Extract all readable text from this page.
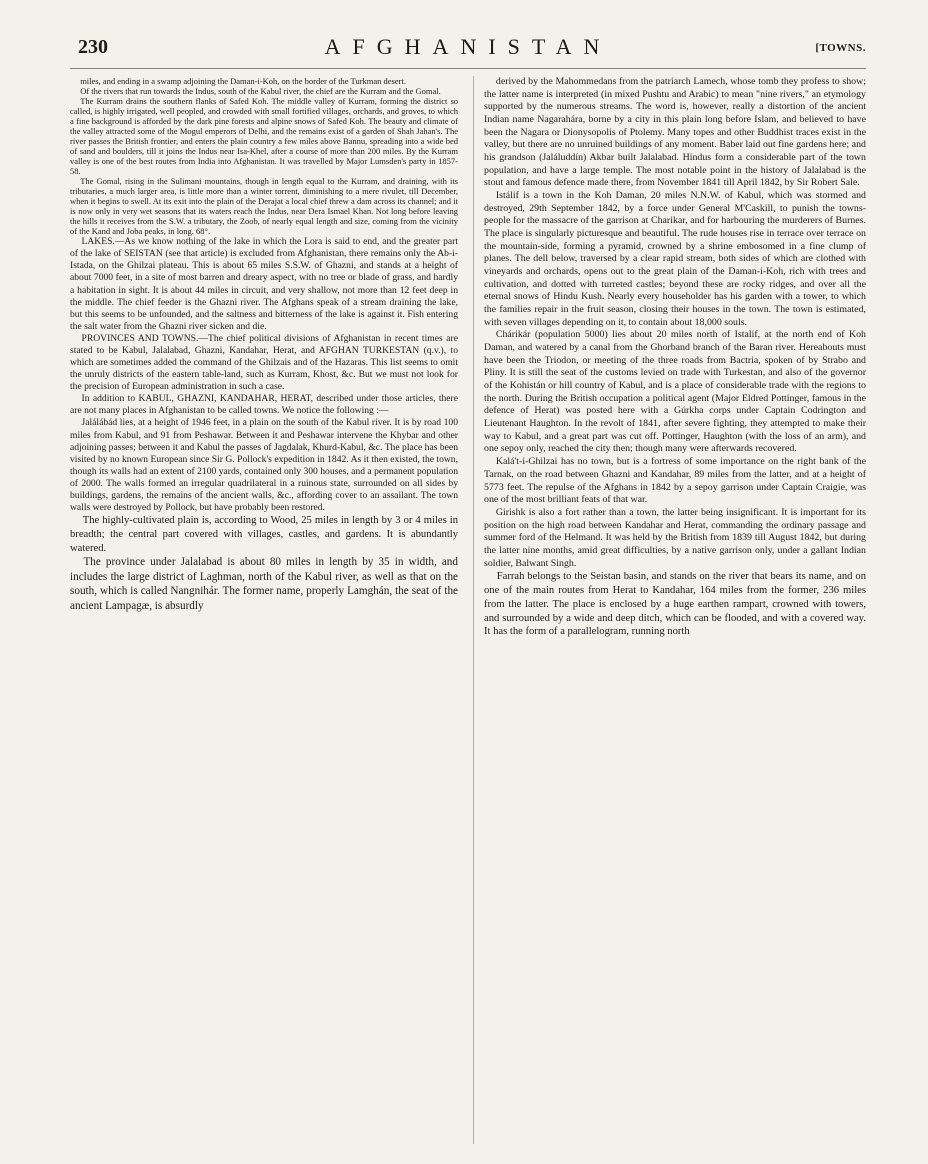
230	AFGHANISTAN	[TOWNS.

miles, and ending in a swamp adjoining the Daman-i-Koh, on the border of the Turkman desert.

Of the rivers that run towards the Indus, south of the Kabul river, the chief are the Kurram and the Gomal.

The Kurram drains the southern flanks of Safed Koh. The middle valley of Kurram, forming the district so called, is highly irrigated, well peopled, and crowded with small fortified villages, orchards, and groves, to which a fine background is afforded by the dark pine forests and alpine snows of Safed Koh. The beauty and climate of the valley attracted some of the Mogul emperors of Delhi, and the remains exist of a garden of Shah Jahan's. The river passes the British frontier, and enters the plain country a few miles above Bannu, spreading into a wide bed of sand and boulders, till it joins the Indus near Isa-Khel, after a course of more than 200 miles. By the Kurram valley is one of the best routes from India into Afghanistan. It was travelled by Major Lumsden's party in 1857-58.

The Gomal, rising in the Sulimani mountains, though in length equal to the Kurram, and draining, with its tributaries, a much larger area, is little more than a winter torrent, diminishing to a mere rivulet, till December, when it begins to swell. At its exit into the plain of the Derajat a local chief threw a dam across its channel; and it is now only in very wet seasons that its waters reach the Indus, near Dera Ismael Khan. Not long before leaving the hills it receives from the S.W. a tributary, the Zoob, of nearly equal length and size, coming from the vicinity of the Kand and Joba peaks, in long. 68°.

LAKES.—As we know nothing of the lake in which the Lora is said to end, and the greater part of the lake of SEISTAN (see that article) is excluded from Afghanistan, there remains only the Ab-i-Istada, on the Ghilzai plateau. This is about 65 miles S.S.W. of Ghazni, and stands at a height of about 7000 feet, in a site of most barren and dreary aspect, with no tree or blade of grass, and hardly a habitation in sight. It is about 44 miles in circuit, and very shallow, not more than 12 feet deep in the middle. The chief feeder is the Ghazni river. The Afghans speak of a stream draining the lake, but this seems to be unfounded, and the saltness and bitterness of the lake is against it. Fish entering the salt water from the Ghazni river sicken and die.

PROVINCES AND TOWNS.—The chief political divisions of Afghanistan in recent times are stated to be Kabul, Jalalabad, Ghazni, Kandahar, Herat, and AFGHAN TURKESTAN (q.v.), to which are sometimes added the command of the Ghilzais and of the Hazaras. This list seems to omit the unruly districts of the eastern table-land, such as Kurram, Khost, &c. But we must not look for the precision of European administration in such a case.

In addition to KABUL, GHAZNI, KANDAHAR, HERAT, described under those articles, there are not many places in Afghanistan to be called towns. We notice the following :—

Jalálábád lies, at a height of 1946 feet, in a plain on the south of the Kabul river. It is by road 100 miles from Kabul, and 91 from Peshawar. Between it and Peshawar intervene the Khybar and other adjoining passes; between it and Kabul the passes of Jagdalak, Khurd-Kabul, &c. The place has been visited by no known European since Sir G. Pollock's expedition in 1842. As it then existed, the town, though its walls had an extent of 2100 yards, contained only 300 houses, and a permanent population of 2000. The walls formed an irregular quadrilateral in a ruinous state, surrounded on all sides by buildings, gardens, the remains of the ancient walls, &c., affording cover to an assailant. The town walls were destroyed by Pollock, but have probably been restored.

The highly-cultivated plain is, according to Wood, 25 miles in length by 3 or 4 miles in breadth; the central part covered with villages, castles, and gardens. It is abundantly watered.

The province under Jalalabad is about 80 miles in length by 35 in width, and includes the large district of Laghman, north of the Kabul river, as well as that on the south, which is called Nangnihár. The former name, properly Lamghán, the seat of the ancient Lampagæ, is absurdly

derived by the Mahommedans from the patriarch Lamech, whose tomb they profess to show; the latter name is interpreted (in mixed Pushtu and Arabic) to mean "nine rivers," an etymology supported by the numerous streams. The word is, however, really a distortion of the ancient Indian name Nagarahára, borne by a city in this plain long before Islam, and believed to have been the Nagara or Dionysopolis of Ptolemy. Many topes and other Buddhist traces exist in the valley, but there are no unruined buildings of any moment. Baber laid out fine gardens here; and his grandson (Jaláluddín) Akbar built Jalalabad. Hindus form a considerable part of the town population, and have a large temple. The most notable point in the history of Jalalabad is the stout and famous defence made there, from November 1841 till April 1842, by Sir Robert Sale.

Istálif is a town in the Koh Daman, 20 miles N.N.W. of Kabul, which was stormed and destroyed, 29th September 1842, by a force under General M'Caskill, to punish the towns-people for the massacre of the garrison at Charikar, and for harbouring the murderers of Burnes. The place is singularly picturesque and beautiful. The rude houses rise in terrace over terrace on the mountain-side, forming a pyramid, crowned by a shrine embosomed in a fine clump of planes. The dell below, traversed by a clear rapid stream, both sides of which are clothed with vineyards and orchards, opens out to the great plain of the Daman-i-Koh, rich with trees and cultivation, and dotted with turreted castles; beyond these are rocky ridges, and over all the eternal snows of Hindu Kush. Nearly every householder has his garden with a tower, to which the families repair in the fruit season, closing their houses in the town. The town is estimated, with seven villages depending on it, to contain about 18,000 souls.

Chárikár (population 5000) lies about 20 miles north of Istalif, at the north end of Koh Daman, and watered by a canal from the Ghorband branch of the Baran river. Hereabouts must have been the Triodon, or meeting of the three roads from Bactria, spoken of by Strabo and Pliny. It is still the seat of the customs levied on trade with Turkestan, and also of the governor of the Kohistán or hill country of Kabul, and is a place of considerable trade with the regions to the north. During the British occupation a political agent (Major Eldred Pottinger, famous in the defence of Herat) was posted here with a Gúrkha corps under Captain Codrington and Lieutenant Haughton. In the revolt of 1841, after severe fighting, they attempted to make their way to Kabul, and a great part was cut off. Pottinger, Haughton (with the loss of an arm), and one sepoy only, reached the city then; though many were afterwards recovered.

Kalá't-i-Ghilzai has no town, but is a fortress of some importance on the right bank of the Tarnak, on the road between Ghazni and Kandahar, 89 miles from the latter, and at a height of 5773 feet. The repulse of the Afghans in 1842 by a sepoy garrison under Captain Craigie, was one of the most brilliant feats of that war.

Girishk is also a fort rather than a town, the latter being insignificant. It is important for its position on the high road between Kandahar and Herat, commanding the ordinary passage and summer ford of the Helmand. It was held by the British from 1839 till August 1842, but during the latter nine months, amid great difficulties, by a native garrison only, under a gallant Indian soldier, Balwant Singh.

Farrah belongs to the Seistan basin, and stands on the river that bears its name, and on one of the main routes from Herat to Kandahar, 164 miles from the former, 236 miles from the latter. The place is enclosed by a huge earthen rampart, crowned with towers, and surrounded by a wide and deep ditch, which can be flooded, and with a covered way. It has the form of a parallelogram, running north
